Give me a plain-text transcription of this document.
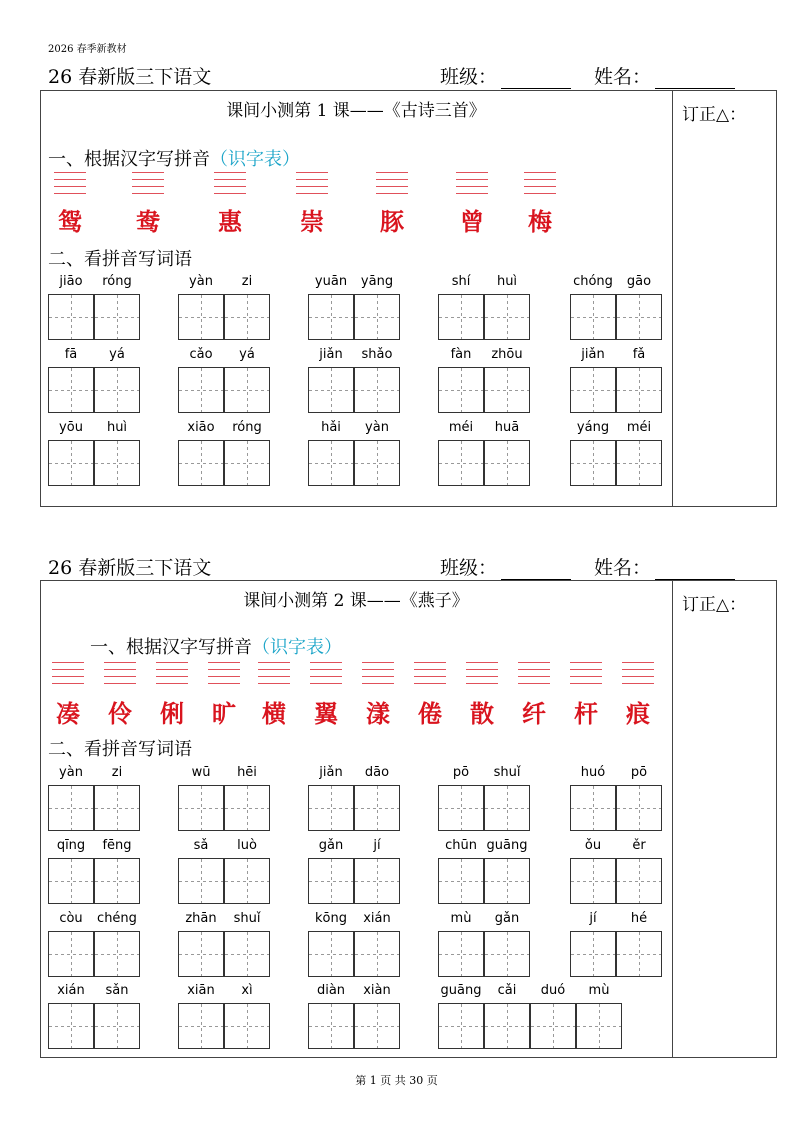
2026 春季新教材
26 春新版三下语文	班级：	姓名：
课间小测第 1 课——《古诗三首》	订正△：
一、根据汉字写拼音（识字表）
鸳	鸯	惠	崇	豚	曾	梅
二、看拼音写词语
jiāo	róng	yàn	zi	yuān	yāng	shí	huì	chóng	gāo
fā	yá	cǎo	yá	jiǎn	shǎo	fàn	zhōu	jiǎn	fǎ
yōu	huì	xiāo	róng	hǎi	yàn	méi	huā	yáng	méi
26 春新版三下语文	班级：	姓名：
课间小测第 2 课——《燕子》	订正△：
一、根据汉字写拼音（识字表）
凑	伶	俐	旷	横	翼	漾	倦	散	纤	杆	痕
二、看拼音写词语
yàn	zi	wū	hēi	jiǎn	dāo	pō	shuǐ	huó	pō
qīng	fēng	sǎ	luò	gǎn	jí	chūn guāng	ǒu	ěr
còu	chéng	zhān	shuǐ	kōng	xián	mù	gǎn	jí	hé
xián	sǎn	xiān	xì	diàn	xiàn	guāng	cǎi	duó	mù
第 1 页 共 30 页
